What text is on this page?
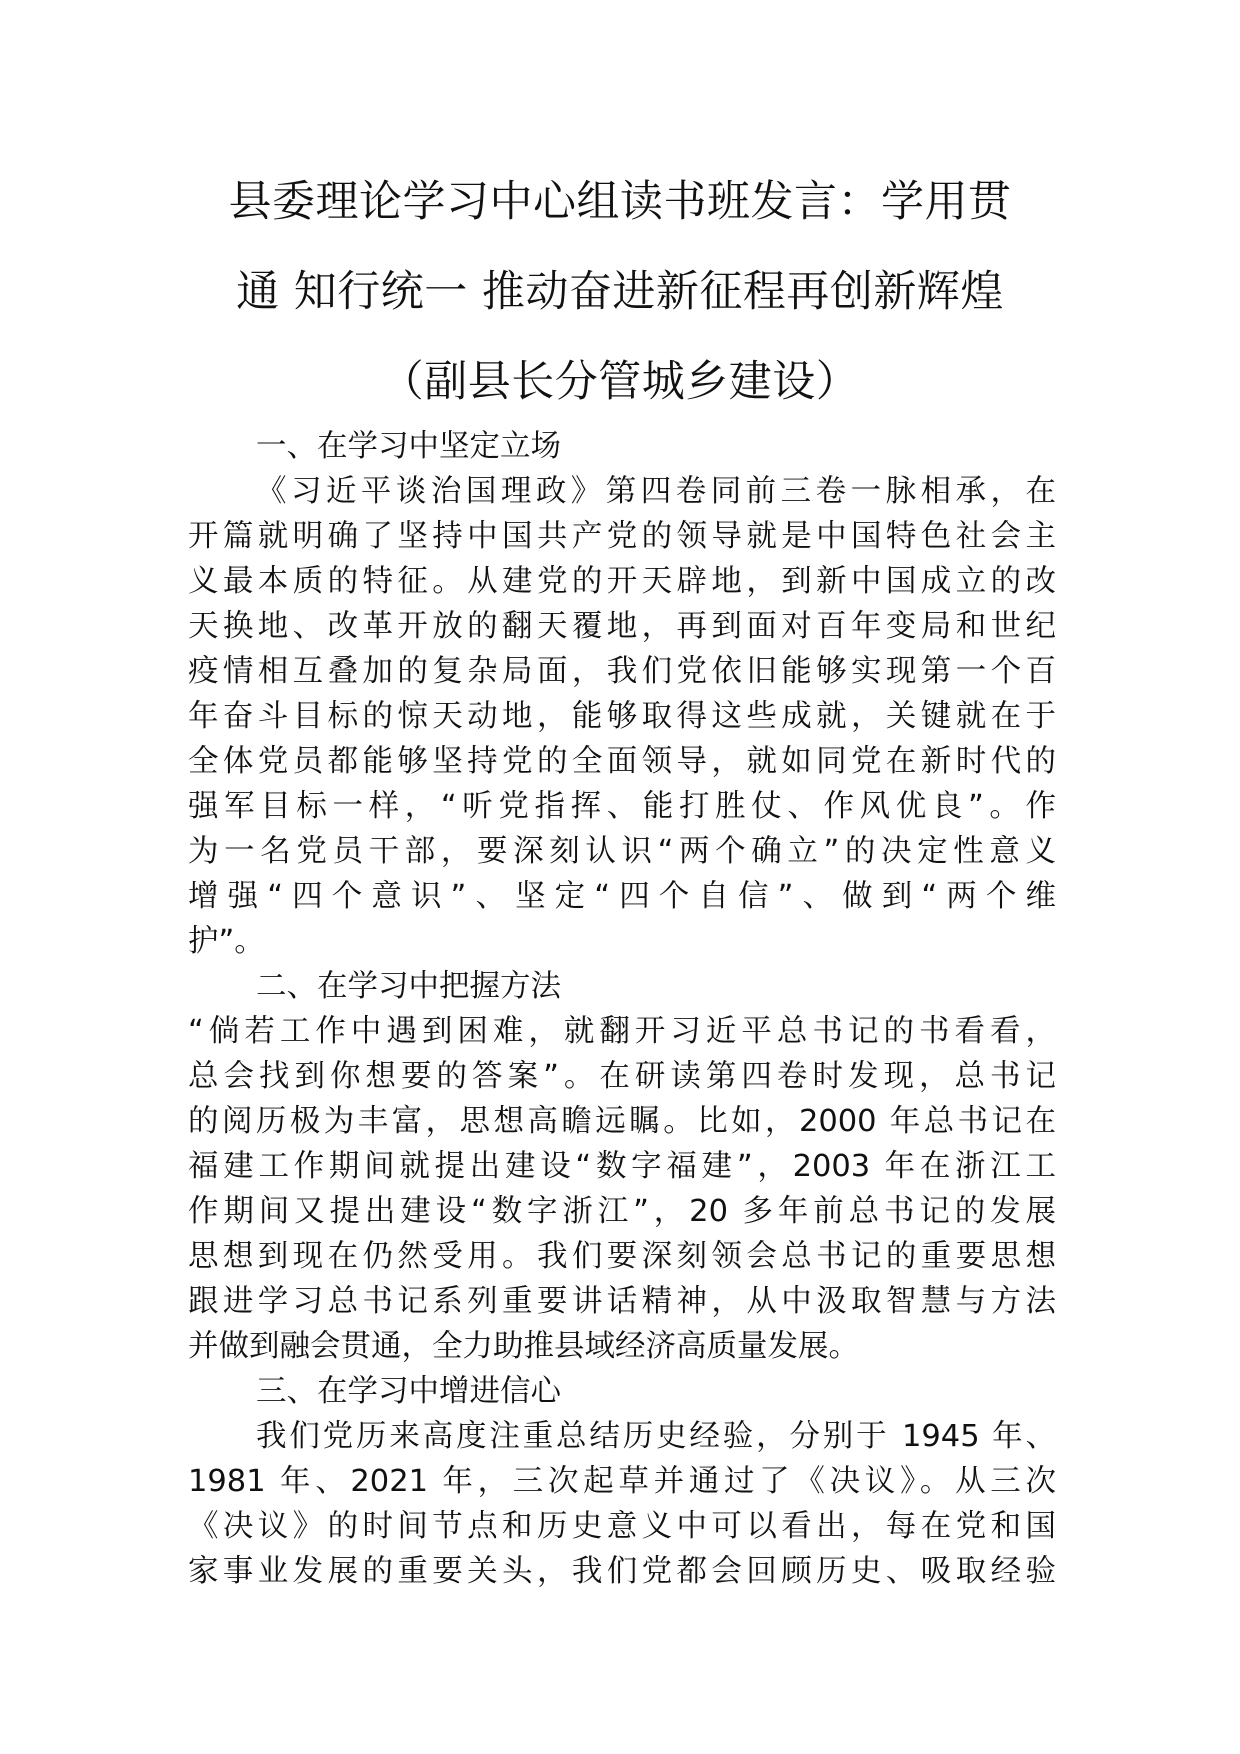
县委理论学习中心组读书班发言：学用贯
通 知行统一 推动奋进新征程再创新辉煌
（副县长分管城乡建设）
一、在学习中坚定立场
《习近平谈治国理政》第四卷同前三卷一脉相承，在
开篇就明确了坚持中国共产党的领导就是中国特色社会主
义最本质的特征。从建党的开天辟地，到新中国成立的改
天换地、改革开放的翻天覆地，再到面对百年变局和世纪
疫情相互叠加的复杂局面，我们党依旧能够实现第一个百
年奋斗目标的惊天动地，能够取得这些成就，关键就在于
全体党员都能够坚持党的全面领导，就如同党在新时代的
强军目标一样，“听党指挥、能打胜仗、作风优良”。作
为一名党员干部，要深刻认识“两个确立”的决定性意义
增强“四个意识”、坚定“四个自信”、做到“两个维
护”。
二、在学习中把握方法
“倘若工作中遇到困难，就翻开习近平总书记的书看看，
总会找到你想要的答案”。在研读第四卷时发现，总书记
的阅历极为丰富，思想高瞻远瞩。比如，2000 年总书记在
福建工作期间就提出建设“数字福建”，2003 年在浙江工
作期间又提出建设“数字浙江”，20 多年前总书记的发展
思想到现在仍然受用。我们要深刻领会总书记的重要思想
跟进学习总书记系列重要讲话精神，从中汲取智慧与方法
并做到融会贯通，全力助推县域经济高质量发展。
三、在学习中增进信心
我们党历来高度注重总结历史经验，分别于 1945 年、
1981 年、2021 年，三次起草并通过了《决议》。从三次
《决议》的时间节点和历史意义中可以看出，每在党和国
家事业发展的重要关头，我们党都会回顾历史、吸取经验
